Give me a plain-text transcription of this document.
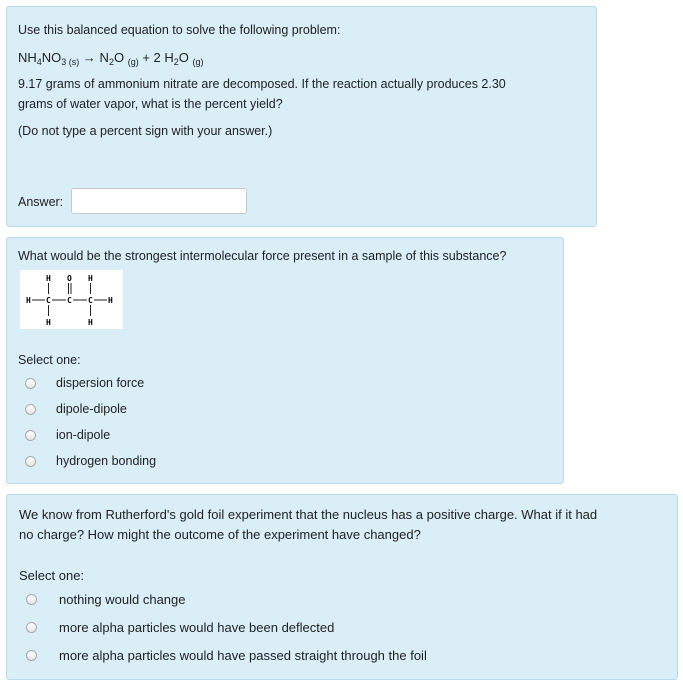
Use this balanced equation to solve the following problem:
$NH_4NO_{3 (s)} \to N_2O$ $_{(g)}$ + 2 $H_2O$ $_{(g)}$
9.17 grams of ammonium nitrate are decomposed. If the reaction actually produces 2.30
grams of water vapor, what is the percent yield?
(Do not type a percent sign with your answer.)
Answer:
What would be the strongest intermolecular force present in a sample of this substance?
H O H
H C C C H
H	H
Select one:
dispersion force
dipole-dipole
ion-dipole
hydrogen bonding
We know from Rutherford's gold foil experiment that the nucleus has a positive charge. What if it had
no charge? How might the outcome of the experiment have changed?
Select one:
nothing would change
more alpha particles would have been deflected
more alpha particles would have passed straight through the foil
